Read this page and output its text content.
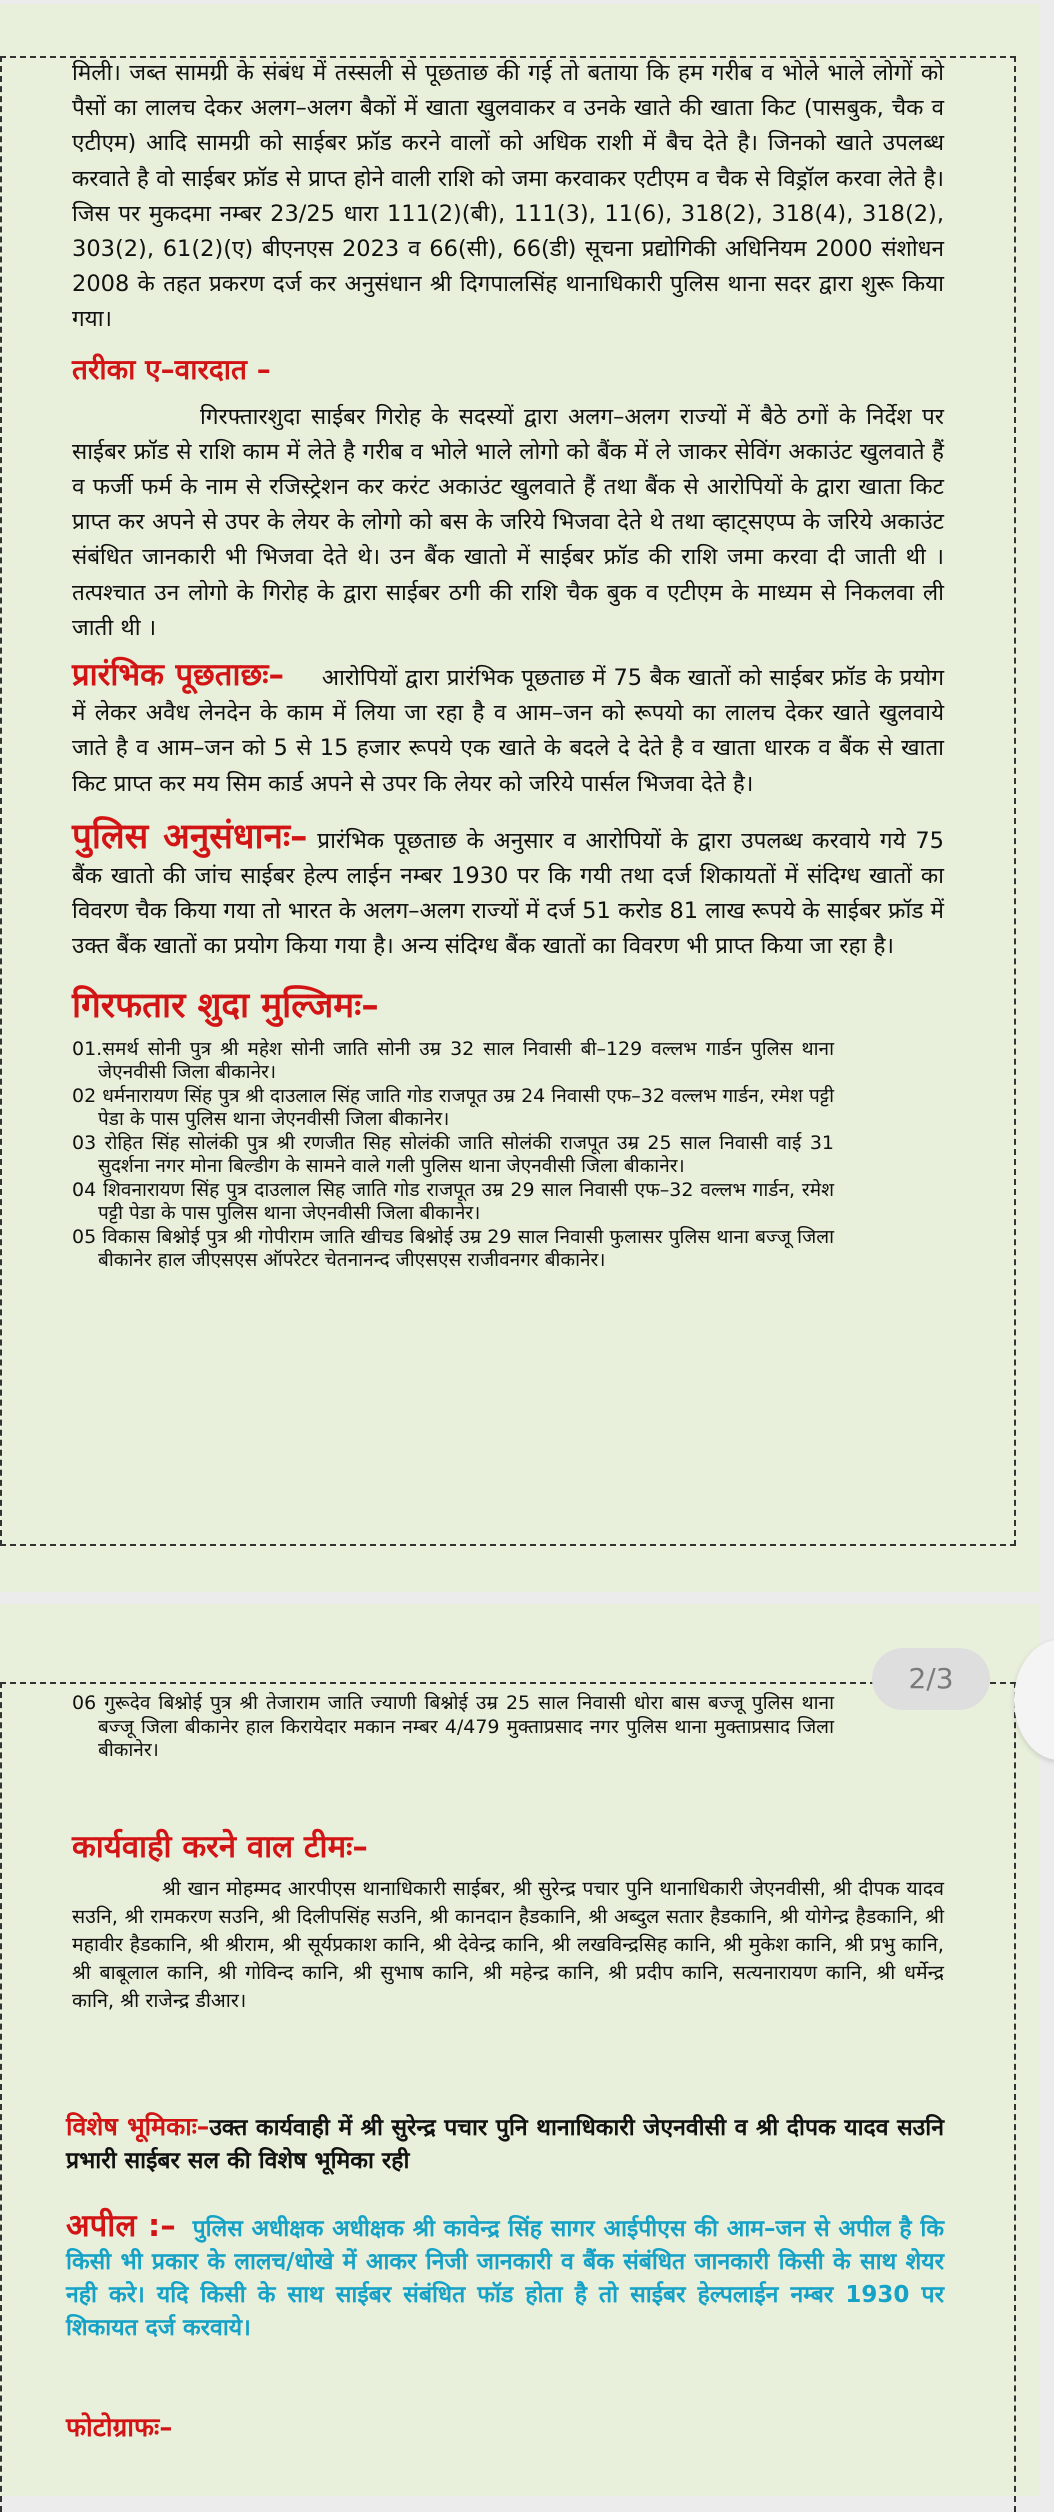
मिली। जब्त सामग्री के संबंध में तस्सली से पूछताछ की गई तो बताया कि हम गरीब व भोले भाले लोगों को पैसों का लालच देकर अलग–अलग बैकों में खाता खुलवाकर व उनके खाते की खाता किट (पासबुक, चैक व एटीएम) आदि सामग्री को साईबर फ्रॉड करने वालों को अधिक राशी में बैच देते है। जिनको खाते उपलब्ध करवाते है वो साईबर फ्रॉड से प्राप्त होने वाली राशि को जमा करवाकर एटीएम व चैक से विड्रॉल करवा लेते है। जिस पर मुकदमा नम्बर 23/25 धारा 111(2)(बी), 111(3), 11(6), 318(2), 318(4), 318(2), 303(2), 61(2)(ए) बीएनएस 2023 व 66(सी), 66(डी) सूचना प्रद्योगिकी अधिनियम 2000 संशोधन 2008 के तहत प्रकरण दर्ज कर अनुसंधान श्री दिगपालसिंह थानाधिकारी पुलिस थाना सदर द्वारा शुरू किया गया।

तरीका ए–वारदात –

गिरफ्तारशुदा साईबर गिरोह के सदस्यों द्वारा अलग–अलग राज्यों में बैठे ठगों के निर्देश पर साईबर फ्रॉड से राशि काम में लेते है गरीब व भोले भाले लोगो को बैंक में ले जाकर सेविंग अकाउंट खुलवाते हैं व फर्जी फर्म के नाम से रजिस्ट्रेशन कर करंट अकाउंट खुलवाते हैं तथा बैंक से आरोपियों के द्वारा खाता किट प्राप्त कर अपने से उपर के लेयर के लोगो को बस के जरिये भिजवा देते थे तथा व्हाट्सएप्प के जरिये अकाउंट संबंधित जानकारी भी भिजवा देते थे। उन बैंक खातो में साईबर फ्रॉड की राशि जमा करवा दी जाती थी । तत्पश्चात उन लोगो के गिरोह के द्वारा साईबर ठगी की राशि चैक बुक व एटीएम के माध्यम से निकलवा ली जाती थी ।

प्रारंभिक पूछताछः– आरोपियों द्वारा प्रारंभिक पूछताछ में 75 बैक खातों को साईबर फ्रॉड के प्रयोग में लेकर अवैध लेनदेन के काम में लिया जा रहा है व आम–जन को रूपयो का लालच देकर खाते खुलवाये जाते है व आम–जन को 5 से 15 हजार रूपये एक खाते के बदले दे देते है व खाता धारक व बैंक से खाता किट प्राप्त कर मय सिम कार्ड अपने से उपर कि लेयर को जरिये पार्सल भिजवा देते है।

पुलिस अनुसंधानः– प्रारंभिक पूछताछ के अनुसार व आरोपियों के द्वारा उपलब्ध करवाये गये 75 बैंक खातो की जांच साईबर हेल्प लाईन नम्बर 1930 पर कि गयी तथा दर्ज शिकायतों में संदिग्ध खातों का विवरण चैक किया गया तो भारत के अलग–अलग राज्यों में दर्ज 51 करोड 81 लाख रूपये के साईबर फ्रॉड में उक्त बैंक खातों का प्रयोग किया गया है। अन्य संदिग्ध बैंक खातों का विवरण भी प्राप्त किया जा रहा है।

गिरफतार शुदा मुल्जिमः–

01.समर्थ सोनी पुत्र श्री महेश सोनी जाति सोनी उम्र 32 साल निवासी बी–129 वल्लभ गार्डन पुलिस थाना जेएनवीसी जिला बीकानेर।

02 धर्मनारायण सिंह पुत्र श्री दाउलाल सिंह जाति गोड राजपूत उम्र 24 निवासी एफ–32 वल्लभ गार्डन, रमेश पट्टी पेडा के पास पुलिस थाना जेएनवीसी जिला बीकानेर।

03 रोहित सिंह सोलंकी पुत्र श्री रणजीत सिह सोलंकी जाति सोलंकी राजपूत उम्र 25 साल निवासी वाई 31 सुदर्शना नगर मोना बिल्डीग के सामने वाले गली पुलिस थाना जेएनवीसी जिला बीकानेर।

04 शिवनारायण सिंह पुत्र दाउलाल सिह जाति गोड राजपूत उम्र 29 साल निवासी एफ–32 वल्लभ गार्डन, रमेश पट्टी पेडा के पास पुलिस थाना जेएनवीसी जिला बीकानेर।

05 विकास बिश्नोई पुत्र श्री गोपीराम जाति खीचड बिश्नोई उम्र 29 साल निवासी फुलासर पुलिस थाना बज्जू जिला बीकानेर हाल जीएसएस ऑपरेटर चेतनानन्द जीएसएस राजीवनगर बीकानेर।

2/3

06 गुरूदेव बिश्नोई पुत्र श्री तेजाराम जाति ज्याणी बिश्नोई उम्र 25 साल निवासी धोरा बास बज्जू पुलिस थाना बज्जू जिला बीकानेर हाल किरायेदार मकान नम्बर 4/479 मुक्ताप्रसाद नगर पुलिस थाना मुक्ताप्रसाद जिला बीकानेर।

कार्यवाही करने वाल टीमः–

श्री खान मोहम्मद आरपीएस थानाधिकारी साईबर, श्री सुरेन्द्र पचार पुनि थानाधिकारी जेएनवीसी, श्री दीपक यादव सउनि, श्री रामकरण सउनि, श्री दिलीपसिंह सउनि, श्री कानदान हैडकानि, श्री अब्दुल सतार हैडकानि, श्री योगेन्द्र हैडकानि, श्री महावीर हैडकानि, श्री श्रीराम, श्री सूर्यप्रकाश कानि, श्री देवेन्द्र कानि, श्री लखविन्द्रसिह कानि, श्री मुकेश कानि, श्री प्रभु कानि, श्री बाबूलाल कानि, श्री गोविन्द कानि, श्री सुभाष कानि, श्री महेन्द्र कानि, श्री प्रदीप कानि, सत्यनारायण कानि, श्री धर्मेन्द्र कानि, श्री राजेन्द्र डीआर।

विशेष भूमिकाः–उक्त कार्यवाही में श्री सुरेन्द्र पचार पुनि थानाधिकारी जेएनवीसी व श्री दीपक यादव सउनि प्रभारी साईबर सल की विशेष भूमिका रही

अपील :– पुलिस अधीक्षक अधीक्षक श्री कावेन्द्र सिंह सागर आईपीएस की आम–जन से अपील है कि किसी भी प्रकार के लालच/धोखे में आकर निजी जानकारी व बैंक संबंधित जानकारी किसी के साथ शेयर नही करे। यदि किसी के साथ साईबर संबंधित फॉड होता है तो साईबर हेल्पलाईन नम्बर 1930 पर शिकायत दर्ज करवाये।

फोटोग्राफः–
